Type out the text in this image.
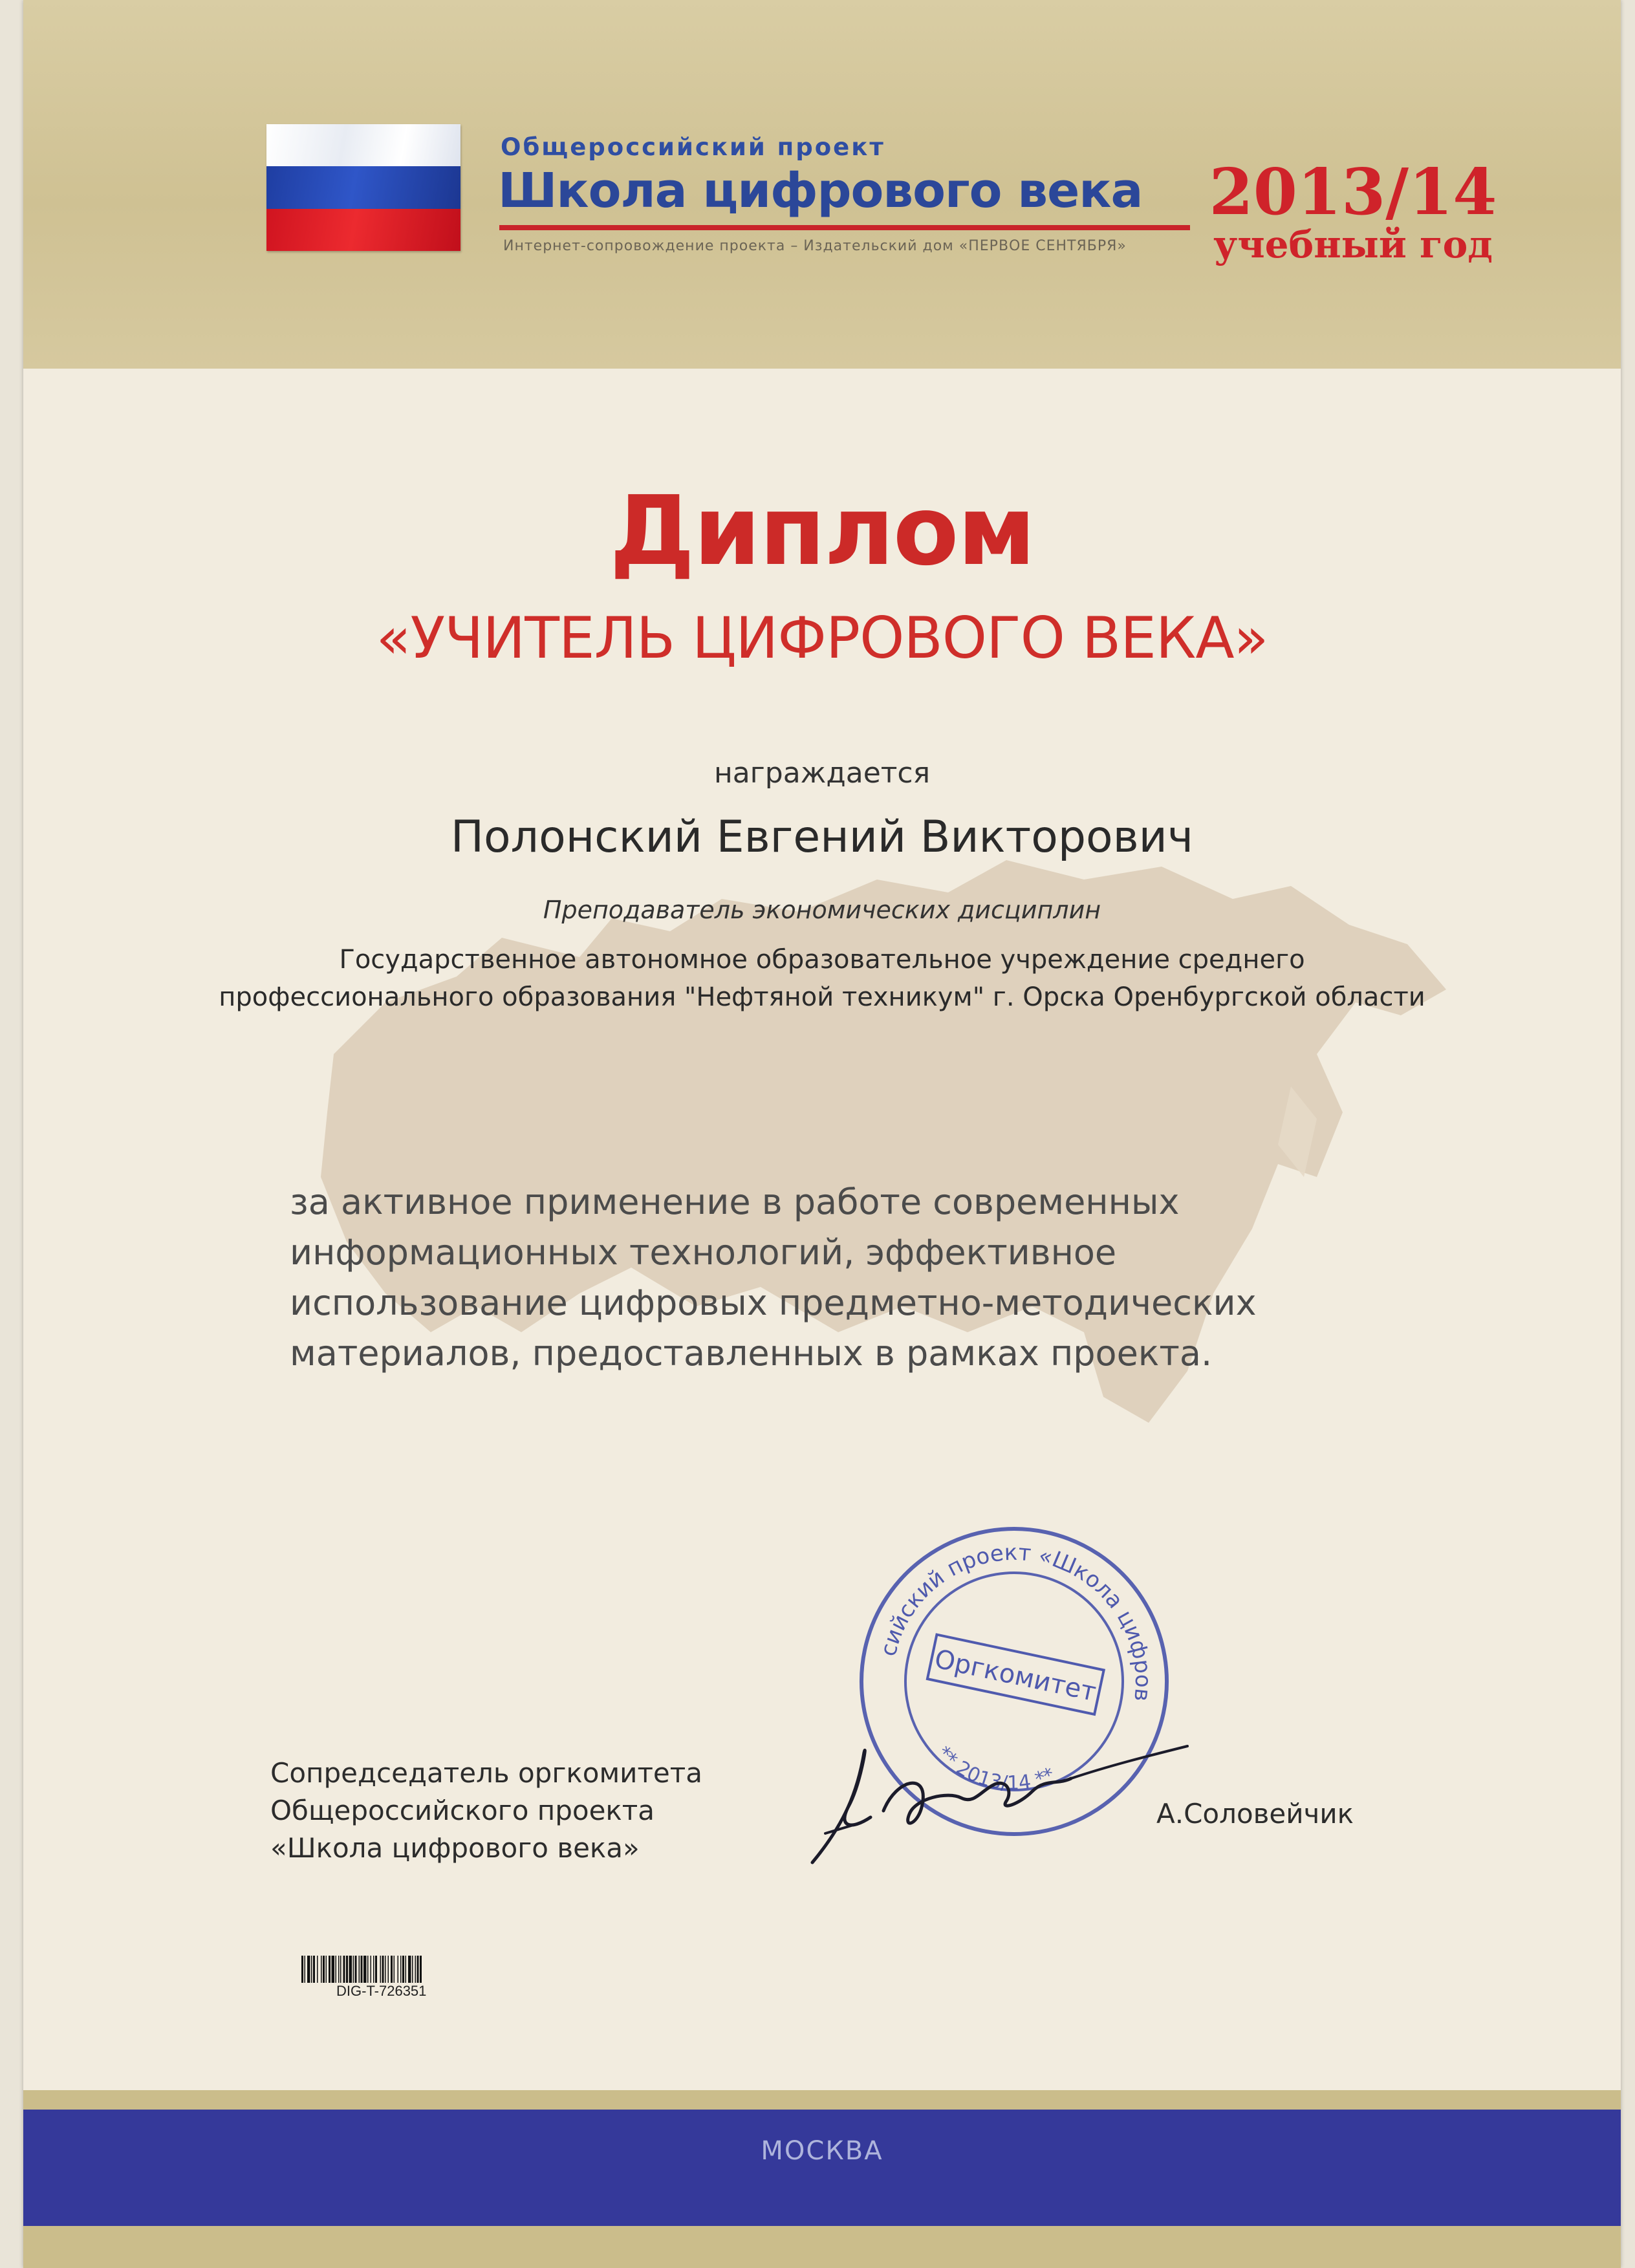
Общероссийский проект
Школа цифрового века
Интернет-сопровождение проекта – Издательский дом «ПЕРВОЕ СЕНТЯБРЯ»
2013/14
учебный год
Диплом
«УЧИТЕЛЬ ЦИФРОВОГО ВЕКА»
награждается
Полонский Евгений Викторович
Преподаватель экономических дисциплин
Государственное автономное образовательное учреждение среднего
профессионального образования "Нефтяной техникум" г. Орска Оренбургской области
за активное применение в работе современных
информационных технологий, эффективное
использование цифровых предметно-методических
материалов, предоставленных в рамках проекта.
Общероссийский проект «Школа цифрового
Оргкомитет
** 2013/14 **
Сопредседатель оргкомитета
Общероссийского проекта
«Школа цифрового века»
А.Соловейчик
DIG-T-726351
МОСКВА
